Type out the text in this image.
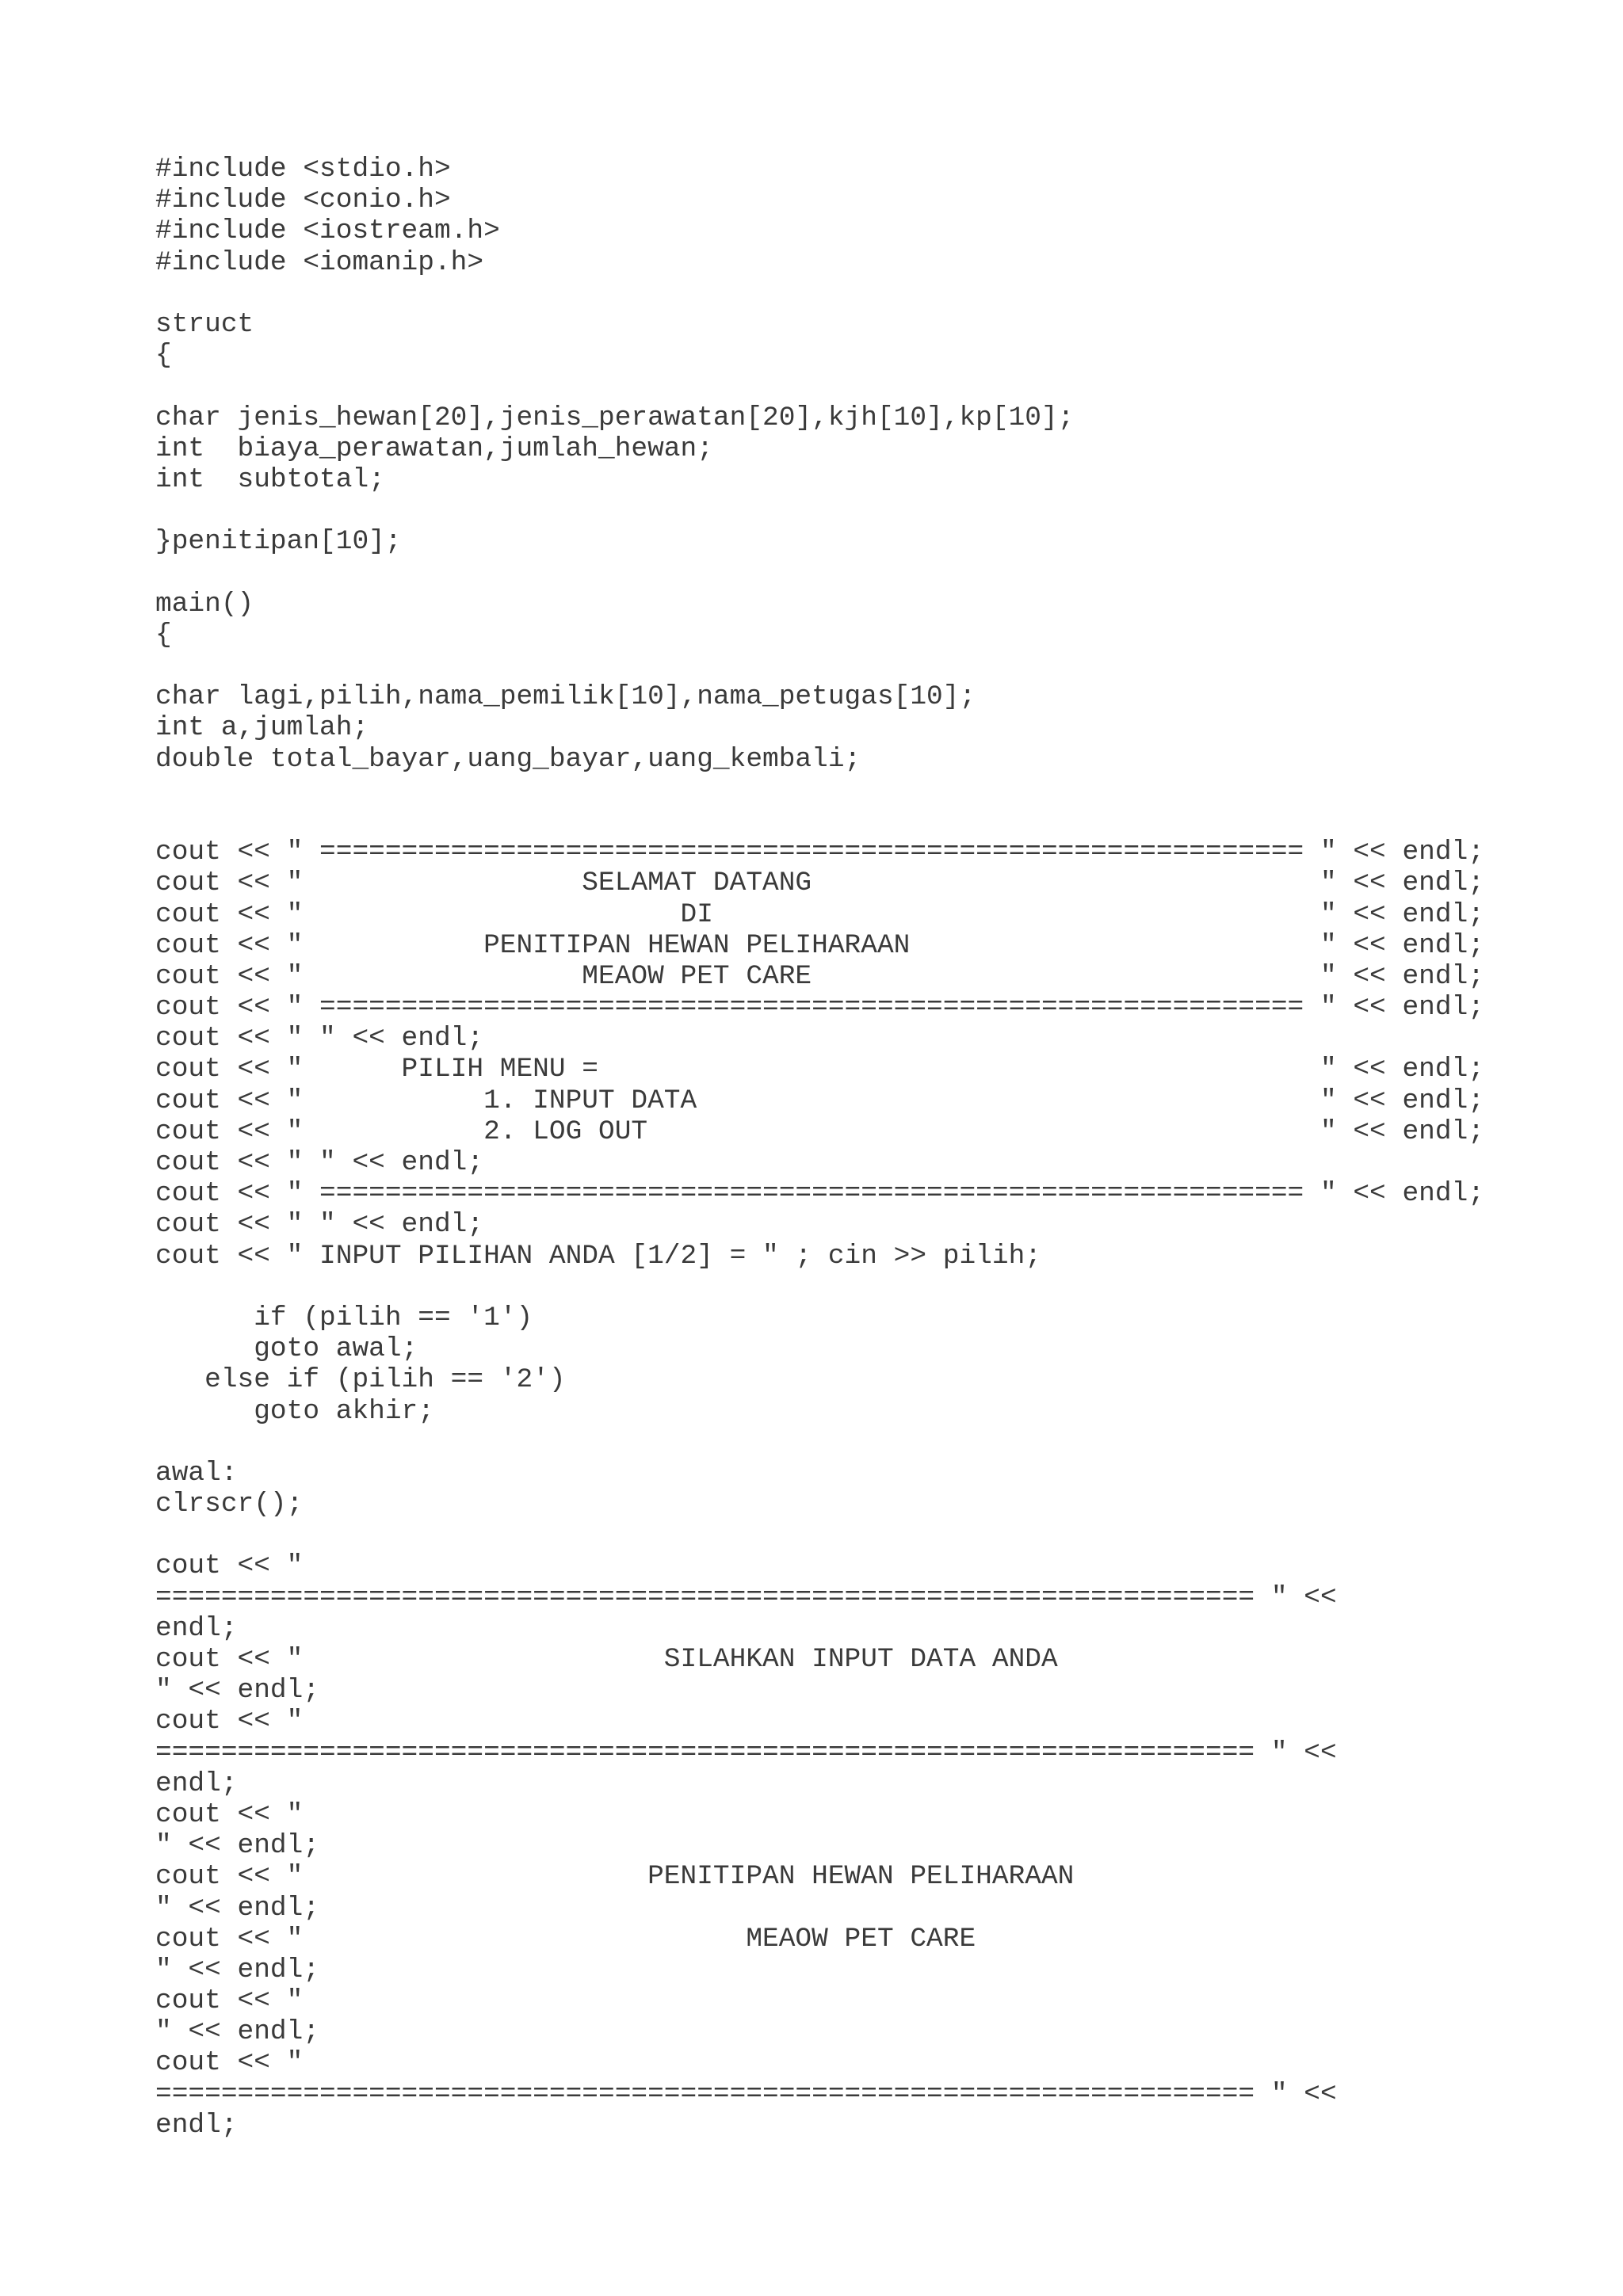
#include <stdio.h>
#include <conio.h>
#include <iostream.h>
#include <iomanip.h>
struct
{
char jenis_hewan[20],jenis_perawatan[20],kjh[10],kp[10];
int  biaya_perawatan,jumlah_hewan;
int  subtotal;
}penitipan[10];
main()
{
char lagi,pilih,nama_pemilik[10],nama_petugas[10];
int a,jumlah;
double total_bayar,uang_bayar,uang_kembali;
cout << " ============================================================ " << endl;
cout << "                 SELAMAT DATANG                               " << endl;
cout << "                       DI                                     " << endl;
cout << "           PENITIPAN HEWAN PELIHARAAN                         " << endl;
cout << "                 MEAOW PET CARE                               " << endl;
cout << " ============================================================ " << endl;
cout << " " << endl;
cout << "      PILIH MENU =                                            " << endl;
cout << "           1. INPUT DATA                                      " << endl;
cout << "           2. LOG OUT                                         " << endl;
cout << " " << endl;
cout << " ============================================================ " << endl;
cout << " " << endl;
cout << " INPUT PILIHAN ANDA [1/2] = " ; cin >> pilih;
if (pilih == '1')
goto awal;
else if (pilih == '2')
goto akhir;
awal:
clrscr();
cout << "
=================================================================== " <<
endl;
cout << "                      SILAHKAN INPUT DATA ANDA
" << endl;
cout << "
=================================================================== " <<
endl;
cout << "
" << endl;
cout << "                     PENITIPAN HEWAN PELIHARAAN
" << endl;
cout << "                           MEAOW PET CARE
" << endl;
cout << "
" << endl;
cout << "
=================================================================== " <<
endl;
